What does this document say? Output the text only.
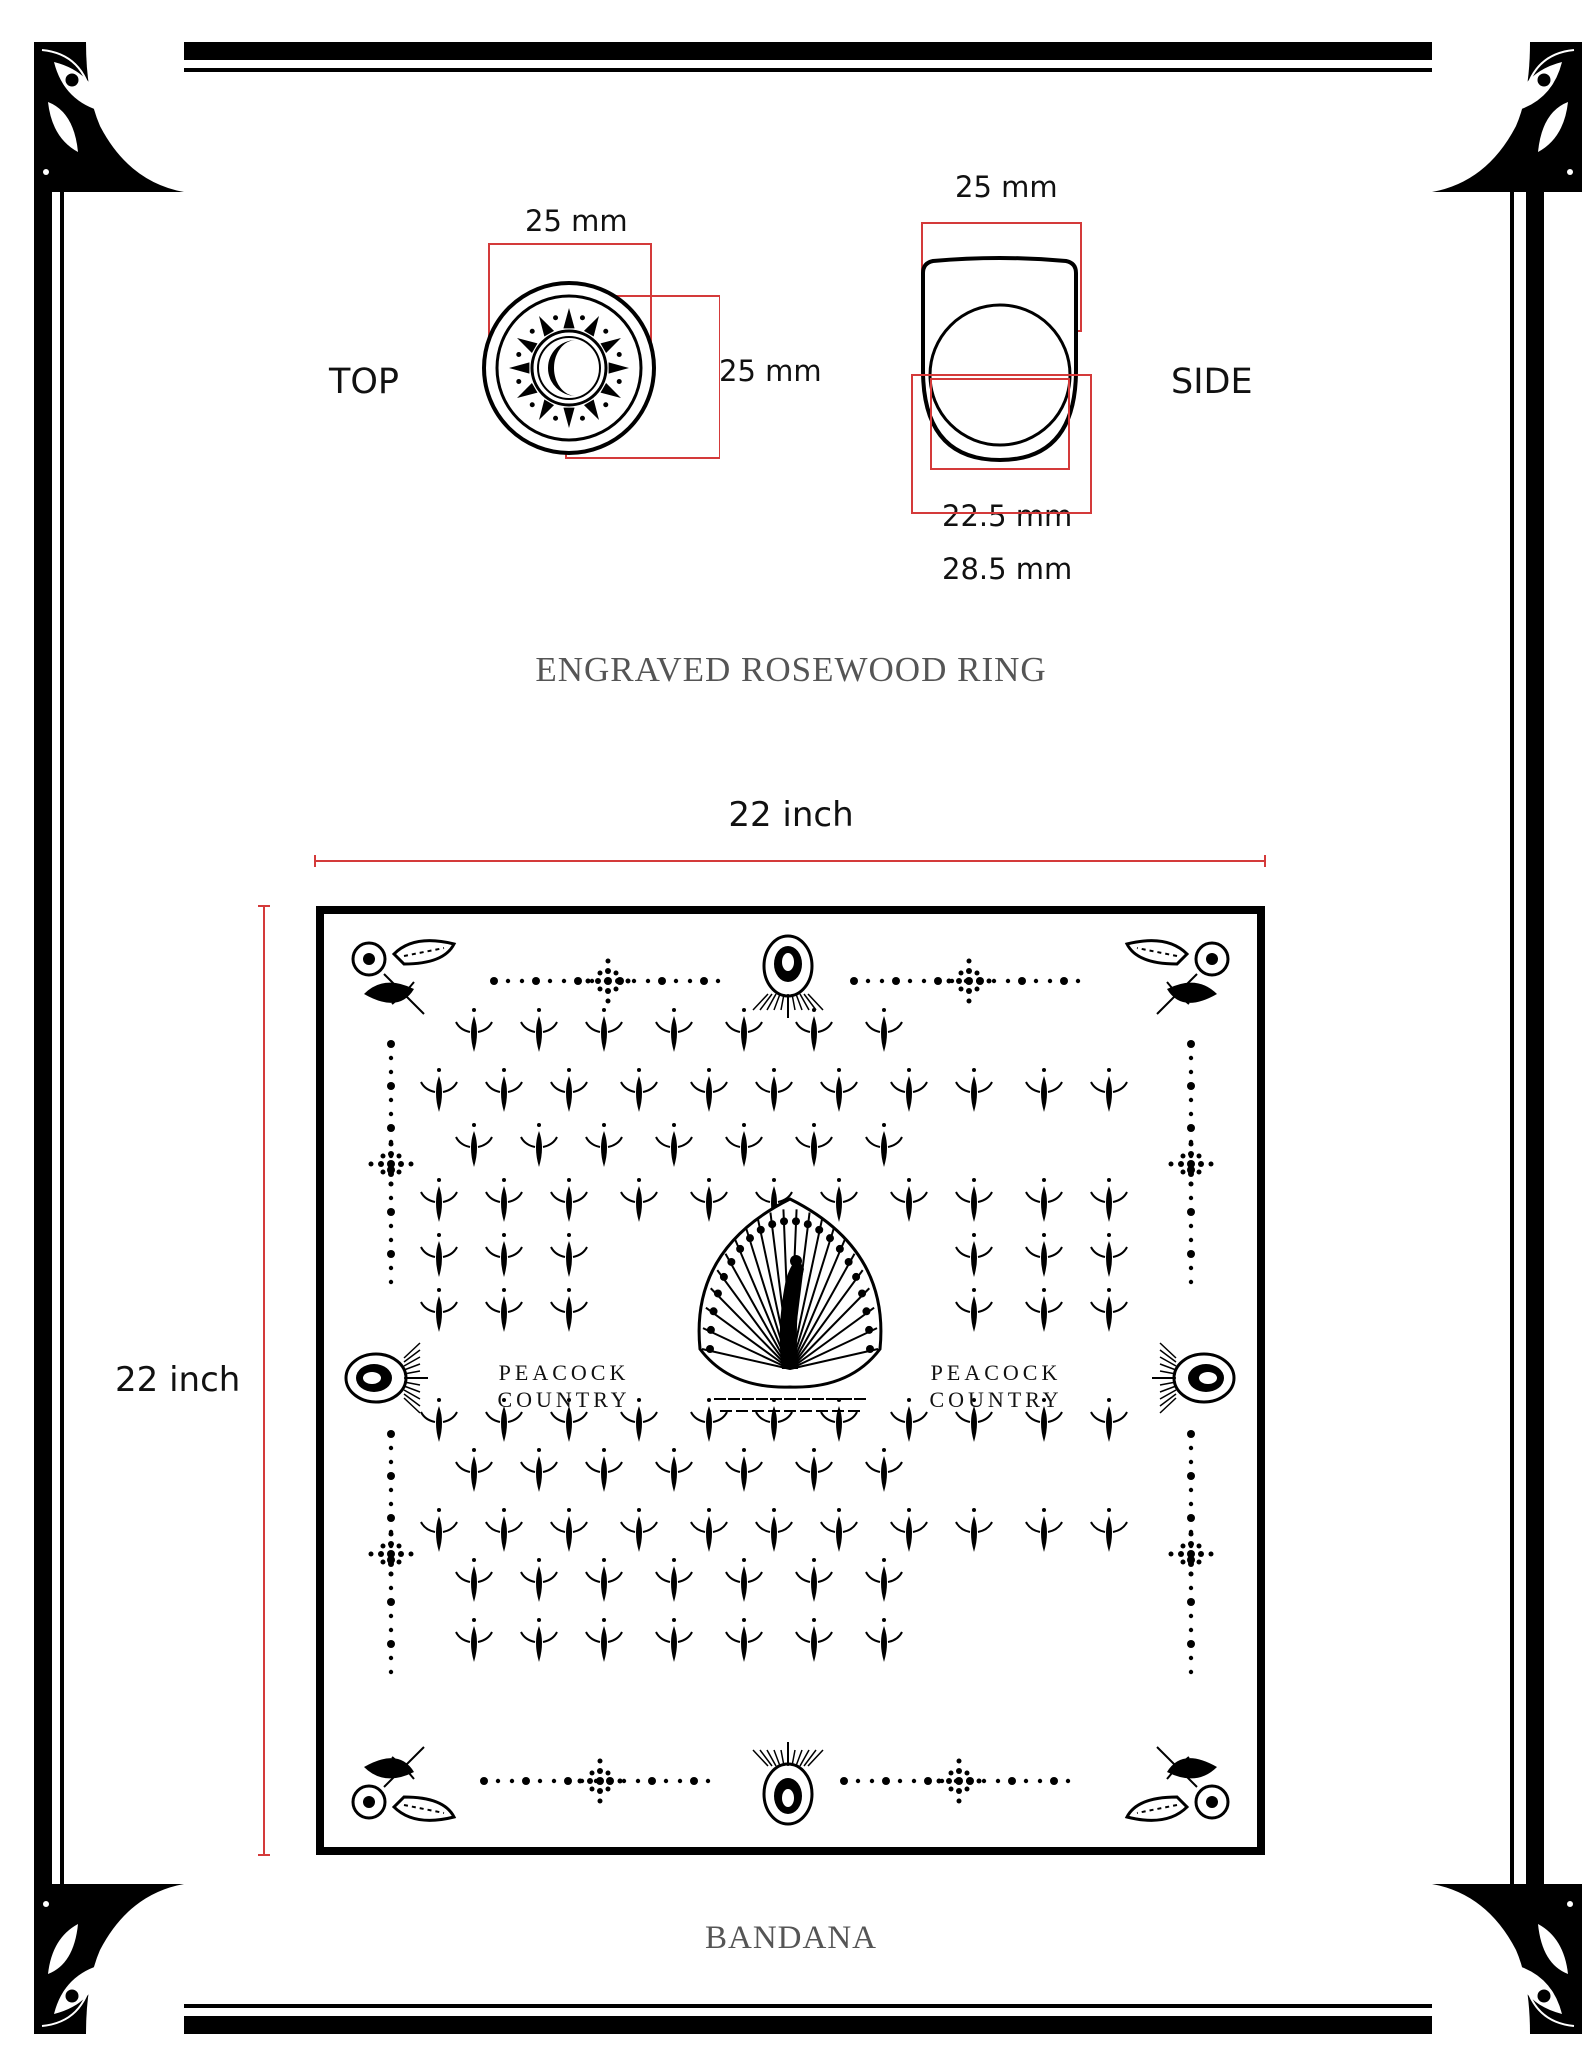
TOP	SIDE
25 mm
25 mm
25 mm
22.5 mm
28.5 mm
ENGRAVED ROSEWOOD RING
22 inch
22 inch	PEACOCK
COUNTRY
PEACOCK
COUNTRY
BANDANA
